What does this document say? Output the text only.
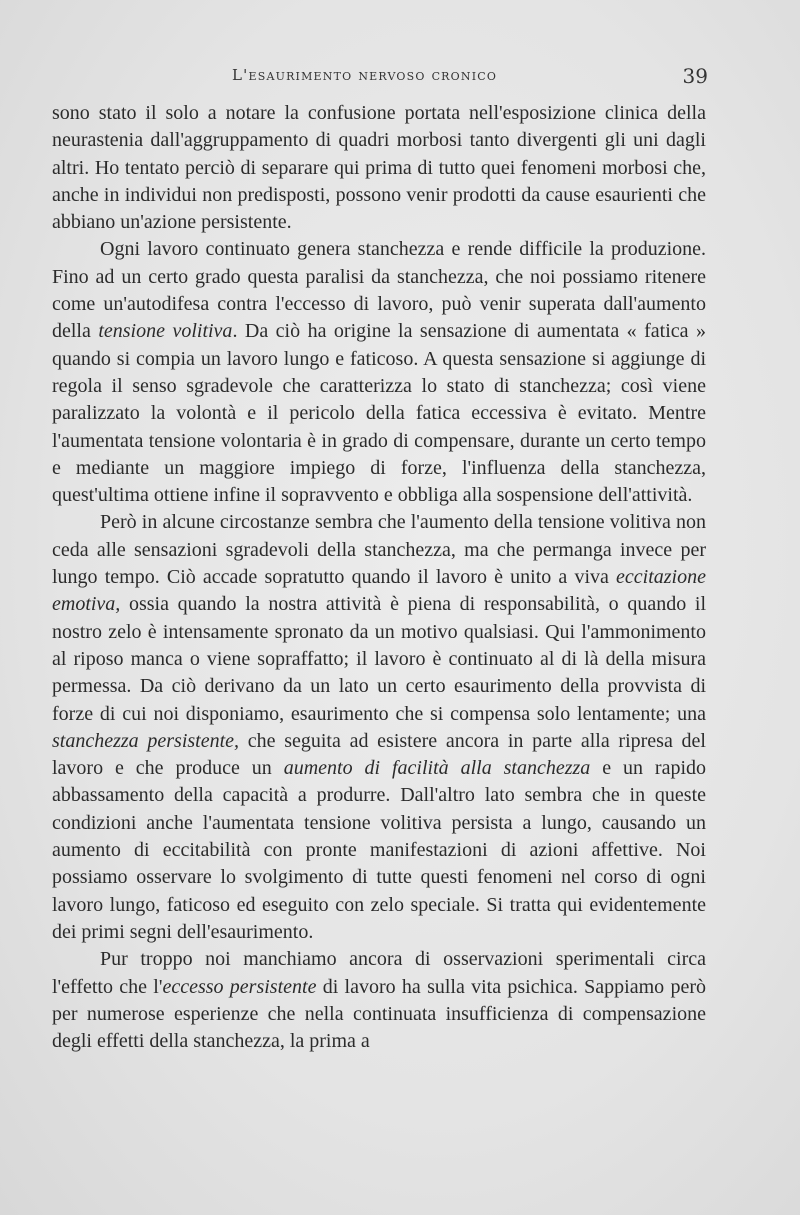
L'esaurimento nervoso cronico	39

sono stato il solo a notare la confusione portata nell'esposizione clinica della neurastenia dall'aggruppamento di quadri morbosi tanto divergenti gli uni dagli altri. Ho tentato perciò di separare qui prima di tutto quei fenomeni morbosi che, anche in individui non predisposti, possono venir prodotti da cause esaurienti che abbiano un'azione persistente.

Ogni lavoro continuato genera stanchezza e rende difficile la produzione. Fino ad un certo grado questa paralisi da stanchezza, che noi possiamo ritenere come un'autodifesa contra l'eccesso di lavoro, può venir superata dall'aumento della tensione volitiva. Da ciò ha origine la sensazione di aumentata « fatica » quando si compia un lavoro lungo e faticoso. A questa sensazione si aggiunge di regola il senso sgradevole che caratterizza lo stato di stanchezza; così viene paralizzato la volontà e il pericolo della fatica eccessiva è evitato. Mentre l'aumentata tensione volontaria è in grado di compensare, durante un certo tempo e mediante un maggiore impiego di forze, l'influenza della stanchezza, quest'ultima ottiene infine il sopravvento e obbliga alla sospensione dell'attività.

Però in alcune circostanze sembra che l'aumento della tensione volitiva non ceda alle sensazioni sgradevoli della stanchezza, ma che permanga invece per lungo tempo. Ciò accade sopratutto quando il lavoro è unito a viva eccitazione emotiva, ossia quando la nostra attività è piena di responsabilità, o quando il nostro zelo è intensamente spronato da un motivo qualsiasi. Qui l'ammonimento al riposo manca o viene sopraffatto; il lavoro è continuato al di là della misura permessa. Da ciò derivano da un lato un certo esaurimento della provvista di forze di cui noi disponiamo, esaurimento che si compensa solo lentamente; una stanchezza persistente, che seguita ad esistere ancora in parte alla ripresa del lavoro e che produce un aumento di facilità alla stanchezza e un rapido abbassamento della capacità a produrre. Dall'altro lato sembra che in queste condizioni anche l'aumentata tensione volitiva persista a lungo, causando un aumento di eccitabilità con pronte manifestazioni di azioni affettive. Noi possiamo osservare lo svolgimento di tutte questi fenomeni nel corso di ogni lavoro lungo, faticoso ed eseguito con zelo speciale. Si tratta qui evidentemente dei primi segni dell'esaurimento.

Pur troppo noi manchiamo ancora di osservazioni sperimentali circa l'effetto che l'eccesso persistente di lavoro ha sulla vita psichica. Sappiamo però per numerose esperienze che nella continuata insufficienza di compensazione degli effetti della stanchezza, la prima a
